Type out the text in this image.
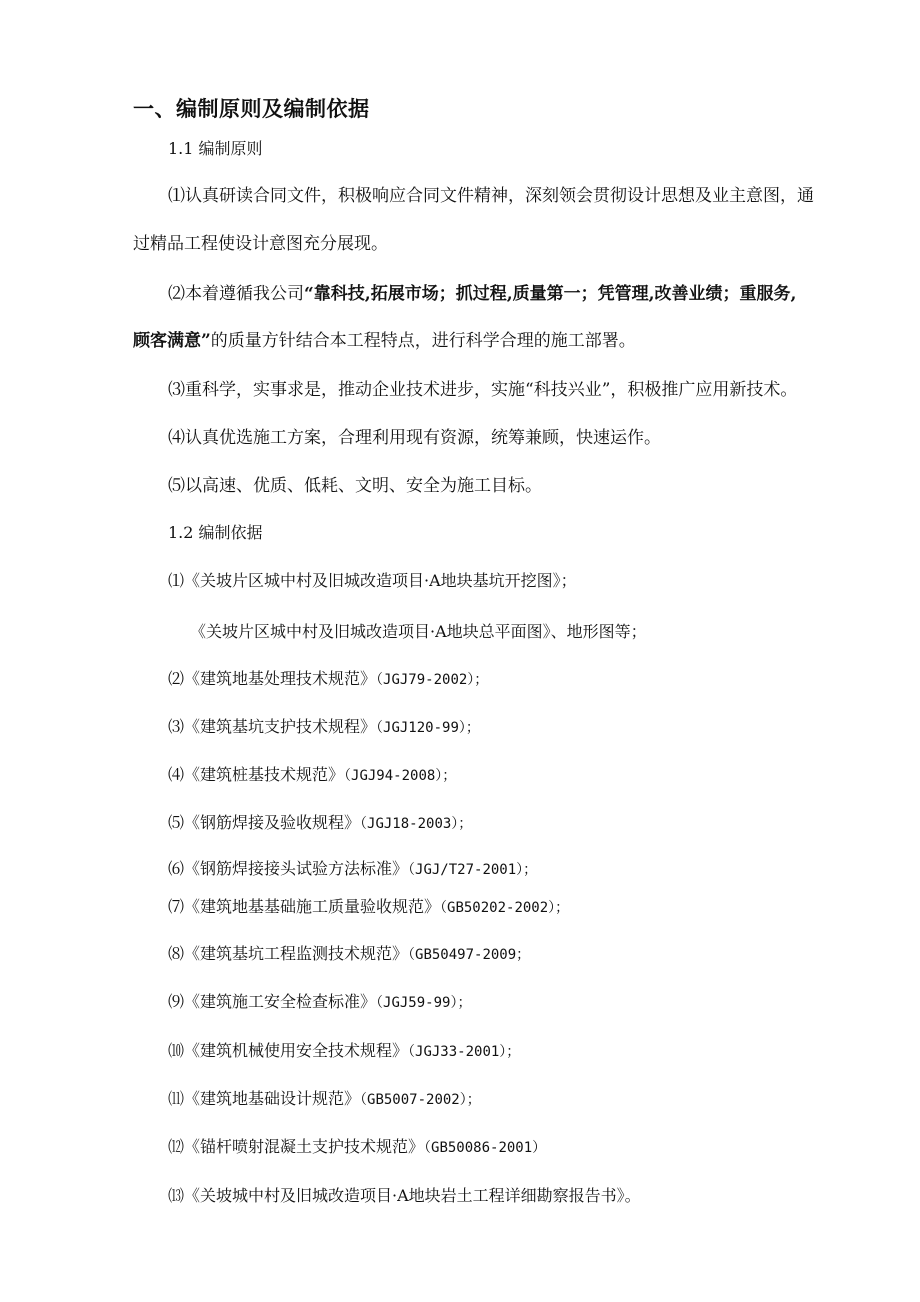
一、编制原则及编制依据
1.1 编制原则
⑴认真研读合同文件，积极响应合同文件精神，深刻领会贯彻设计思想及业主意图，通
过精品工程使设计意图充分展现。
⑵本着遵循我公司“靠科技,拓展市场；抓过程,质量第一；凭管理,改善业绩；重服务,
顾客满意”的质量方针结合本工程特点，进行科学合理的施工部署。
⑶重科学，实事求是，推动企业技术进步，实施“科技兴业”，积极推广应用新技术。
⑷认真优选施工方案，合理利用现有资源，统筹兼顾，快速运作。
⑸以高速、优质、低耗、文明、安全为施工目标。
1.2 编制依据
⑴《关坡片区城中村及旧城改造项目·A地块基坑开挖图》；
《关坡片区城中村及旧城改造项目·A地块总平面图》、地形图等；
⑵《建筑地基处理技术规范》（JGJ79-2002）；
⑶《建筑基坑支护技术规程》（JGJ120-99）；
⑷《建筑桩基技术规范》（JGJ94-2008）；
⑸《钢筋焊接及验收规程》（JGJ18-2003）；
⑹《钢筋焊接接头试验方法标准》（JGJ/T27-2001）；
⑺《建筑地基基础施工质量验收规范》（GB50202-2002）；
⑻《建筑基坑工程监测技术规范》（GB50497-2009；
⑼《建筑施工安全检查标准》（JGJ59-99）；
⑽《建筑机械使用安全技术规程》（JGJ33-2001）；
⑾《建筑地基础设计规范》（GB5007-2002）；
⑿《锚杆喷射混凝土支护技术规范》（GB50086-2001）
⒀《关坡城中村及旧城改造项目·A地块岩土工程详细勘察报告书》。
